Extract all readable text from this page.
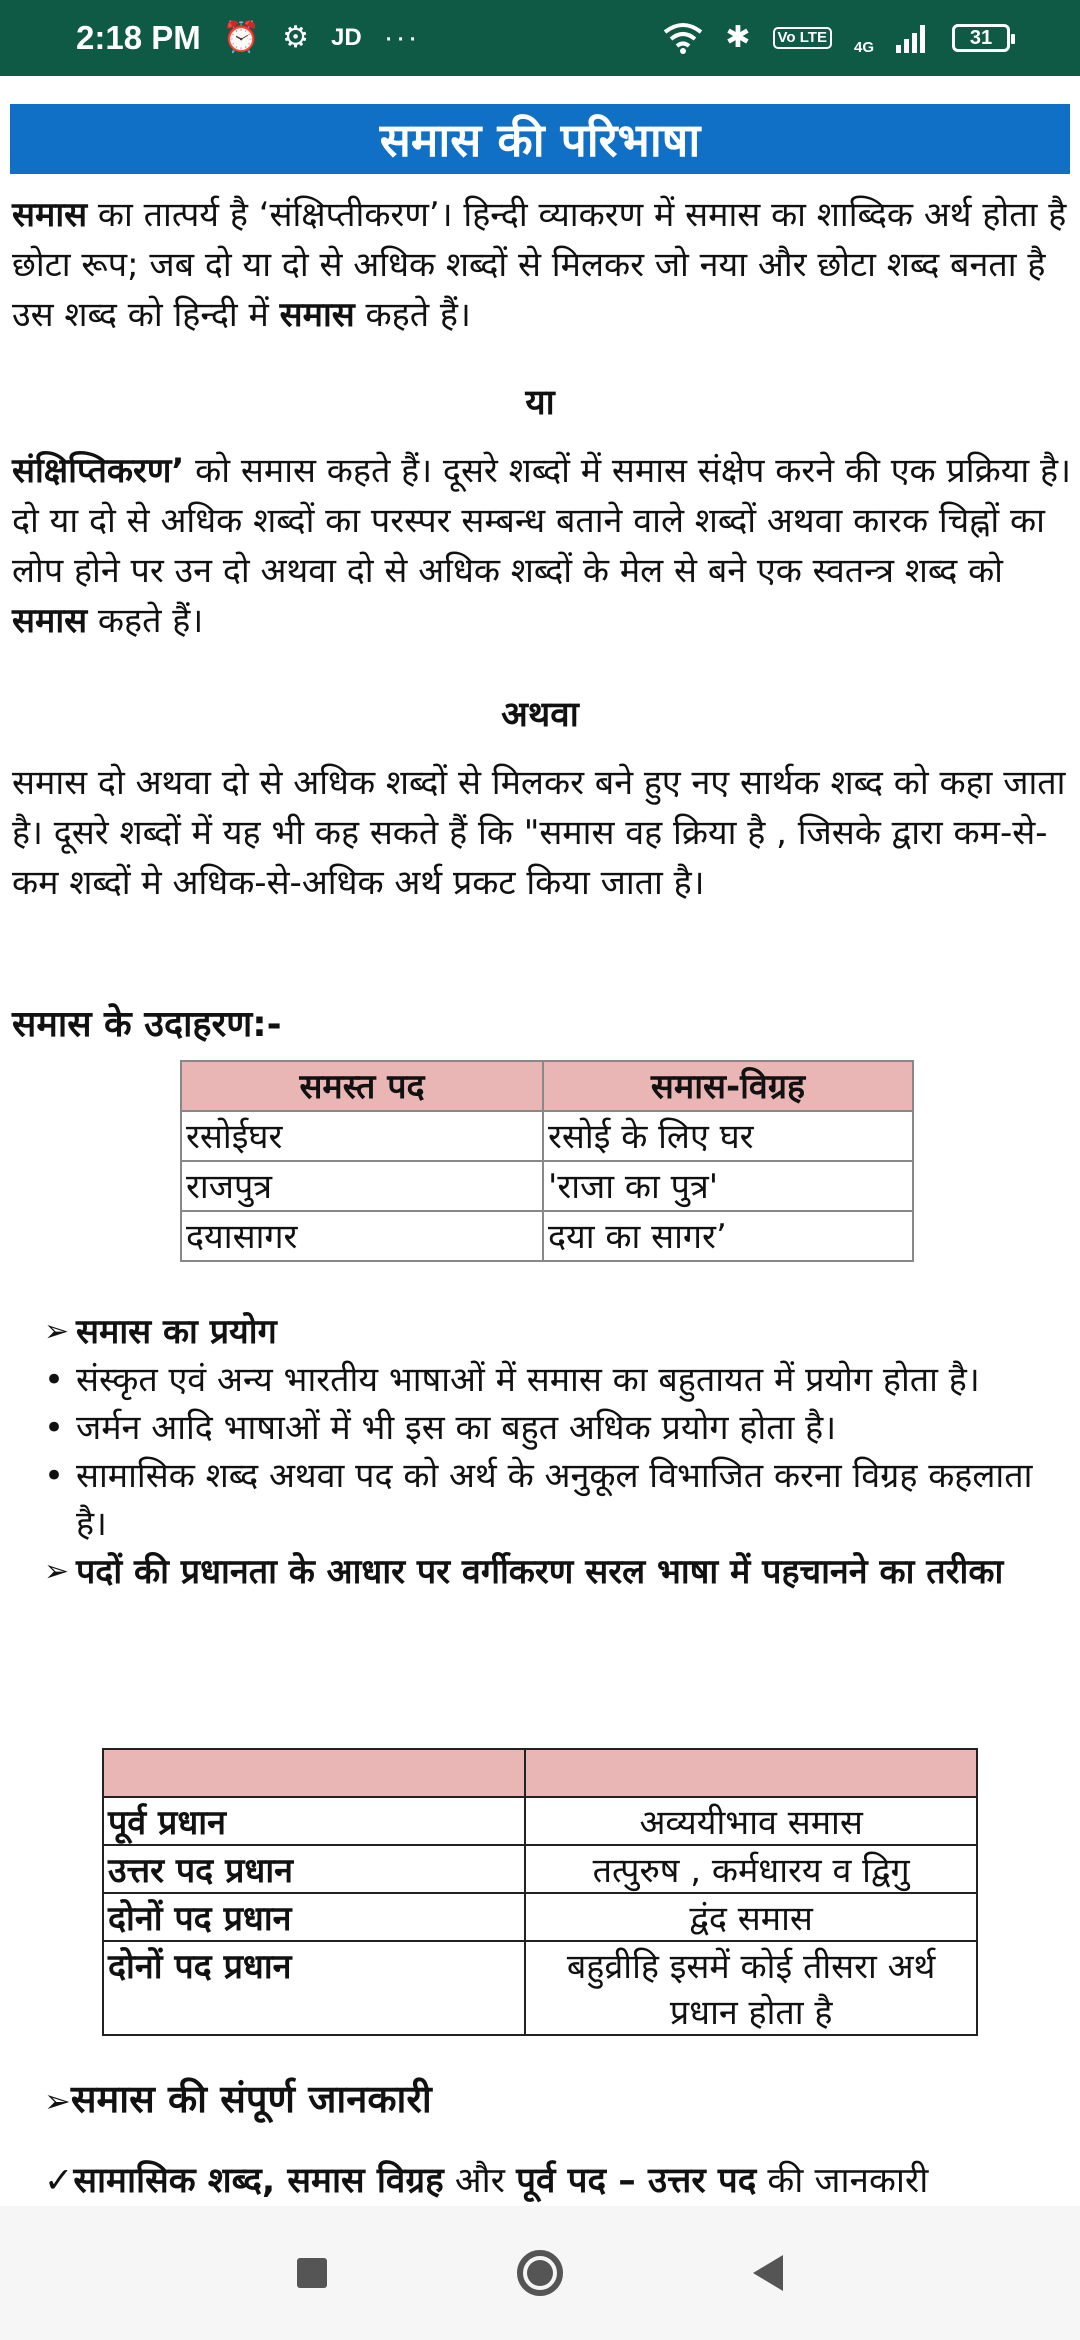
2:18 PM ⏰ ⚙ JD ···	✱	Vo LTE
4G	31
समास की परिभाषा

समास का तात्पर्य है ‘संक्षिप्तीकरण’। हिन्दी व्याकरण में समास का शाब्दिक अर्थ होता है छोटा रूप; जब दो या दो से अधिक शब्दों से मिलकर जो नया और छोटा शब्द बनता है उस शब्द को हिन्दी में समास कहते हैं।

या

संक्षिप्तिकरण’ को समास कहते हैं। दूसरे शब्दों में समास संक्षेप करने की एक प्रक्रिया है। दो या दो से अधिक शब्दों का परस्पर सम्बन्ध बताने वाले शब्दों अथवा कारक चिह्नों का लोप होने पर उन दो अथवा दो से अधिक शब्दों के मेल से बने एक स्वतन्त्र शब्द को समास कहते हैं।

अथवा

समास दो अथवा दो से अधिक शब्दों से मिलकर बने हुए नए सार्थक शब्द को कहा जाता है। दूसरे शब्दों में यह भी कह सकते हैं कि "समास वह क्रिया है , जिसके द्वारा कम-से-कम शब्दों मे अधिक-से-अधिक अर्थ प्रकट किया जाता है।

समास के उदाहरण:-

समस्त पद	समास-विग्रह
रसोईघर	रसोई के लिए घर
राजपुत्र	'राजा का पुत्र'
दयासागर	दया का सागर’
➢ समास का प्रयोग
• संस्कृत एवं अन्य भारतीय भाषाओं में समास का बहुतायत में प्रयोग होता है।
• जर्मन आदि भाषाओं में भी इस का बहुत अधिक प्रयोग होता है।
• सामासिक शब्द अथवा पद को अर्थ के अनुकूल विभाजित करना विग्रह कहलाता है।
➢ पदों की प्रधानता के आधार पर वर्गीकरण सरल भाषा में पहचानने का तरीका

पूर्व प्रधान	अव्ययीभाव समास
उत्तर पद प्रधान	तत्पुरुष , कर्मधारय व द्विगु
दोनों पद प्रधान	द्वंद समास
दोनों पद प्रधान	बहुव्रीहि इसमें कोई तीसरा अर्थ प्रधान होता है
➢समास की संपूर्ण जानकारी
✓सामासिक शब्द, समास विग्रह और पूर्व पद – उत्तर पद की जानकारी
